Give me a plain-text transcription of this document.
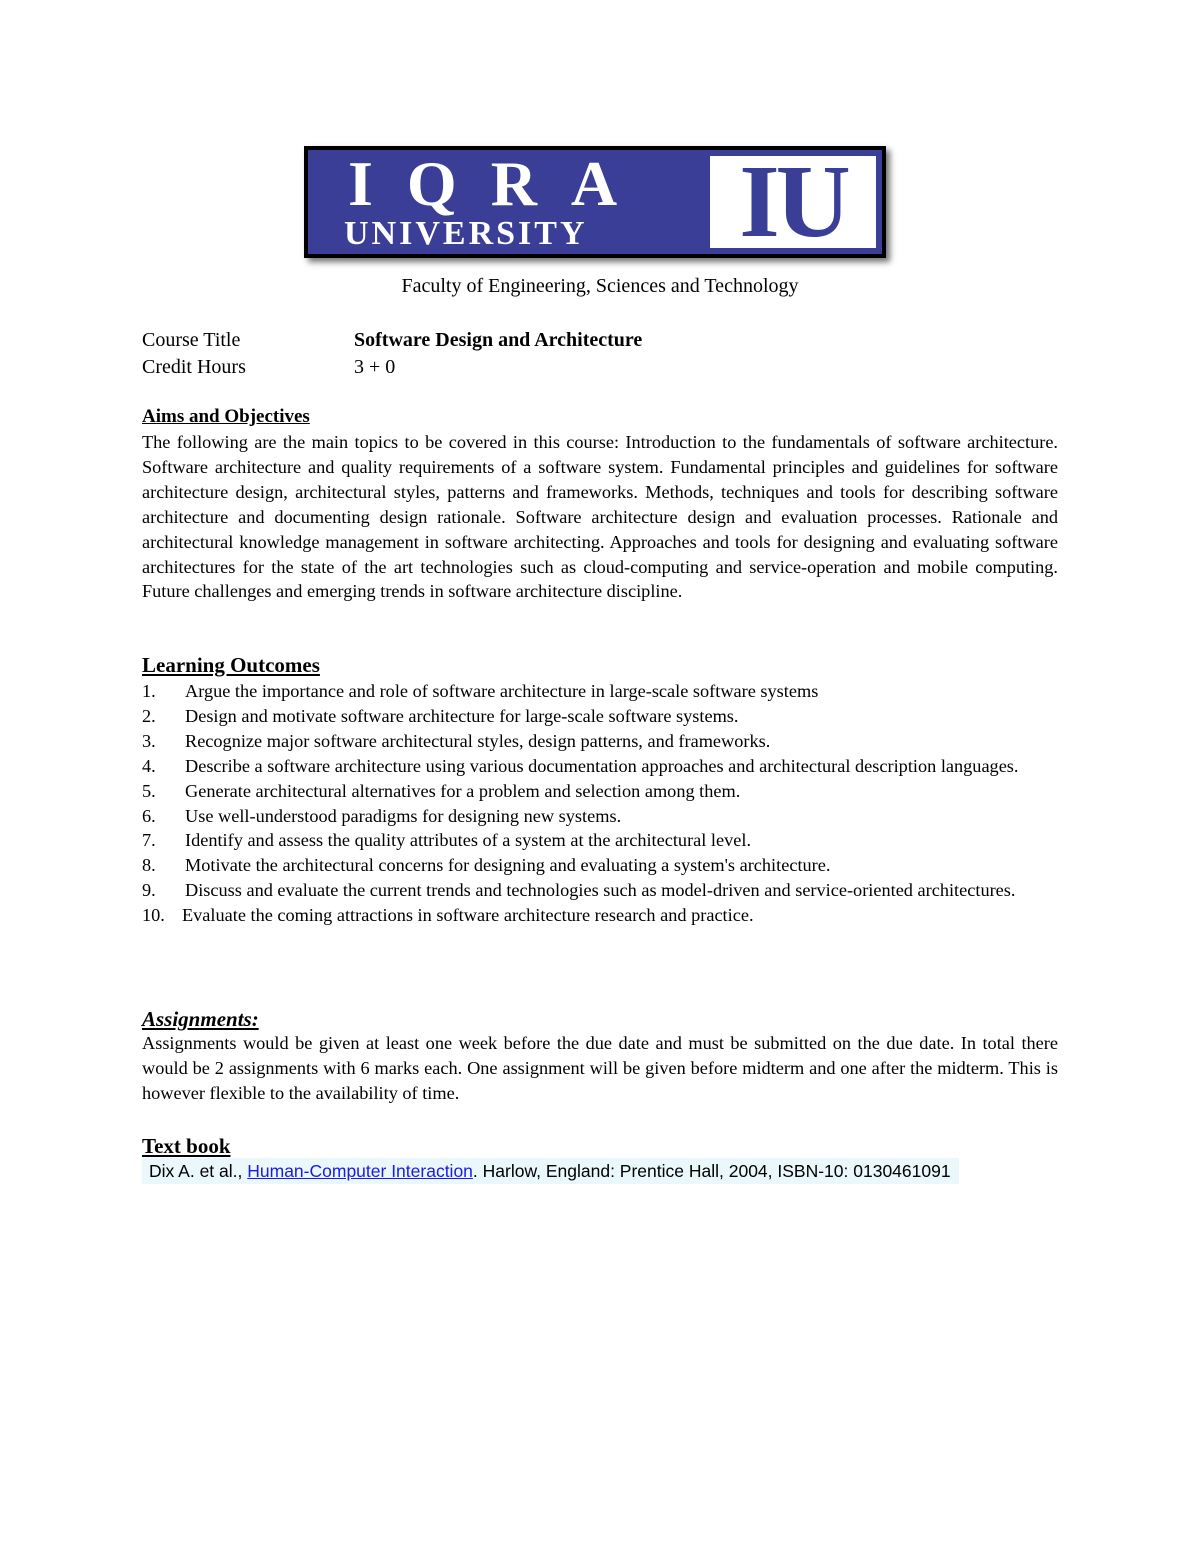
IQRA
UNIVERSITY IU
Faculty of Engineering, Sciences and Technology
Course Title	Software Design and Architecture
Credit Hours	3 + 0
Aims and Objectives
The following are the main topics to be covered in this course: Introduction to the fundamentals of software architecture. Software architecture and quality requirements of a software system. Fundamental principles and guidelines for software architecture design, architectural styles, patterns and frameworks. Methods, techniques and tools for describing software architecture and documenting design rationale. Software architecture design and evaluation processes. Rationale and architectural knowledge management in software architecting. Approaches and tools for designing and evaluating software architectures for the state of the art technologies such as cloud-computing and service-operation and mobile computing. Future challenges and emerging trends in software architecture discipline.
Learning Outcomes
1. Argue the importance and role of software architecture in large-scale software systems
2. Design and motivate software architecture for large-scale software systems.
3. Recognize major software architectural styles, design patterns, and frameworks.
4. Describe a software architecture using various documentation approaches and architectural description languages.
5. Generate architectural alternatives for a problem and selection among them.
6. Use well-understood paradigms for designing new systems.
7. Identify and assess the quality attributes of a system at the architectural level.
8. Motivate the architectural concerns for designing and evaluating a system's architecture.
9. Discuss and evaluate the current trends and technologies such as model-driven and service-oriented architectures.
10. Evaluate the coming attractions in software architecture research and practice.
Assignments:
Assignments would be given at least one week before the due date and must be submitted on the due date. In total there would be 2 assignments with 6 marks each. One assignment will be given before midterm and one after the midterm. This is however flexible to the availability of time.
Text book
Dix A. et al., Human-Computer Interaction. Harlow, England: Prentice Hall, 2004, ISBN-10: 0130461091
